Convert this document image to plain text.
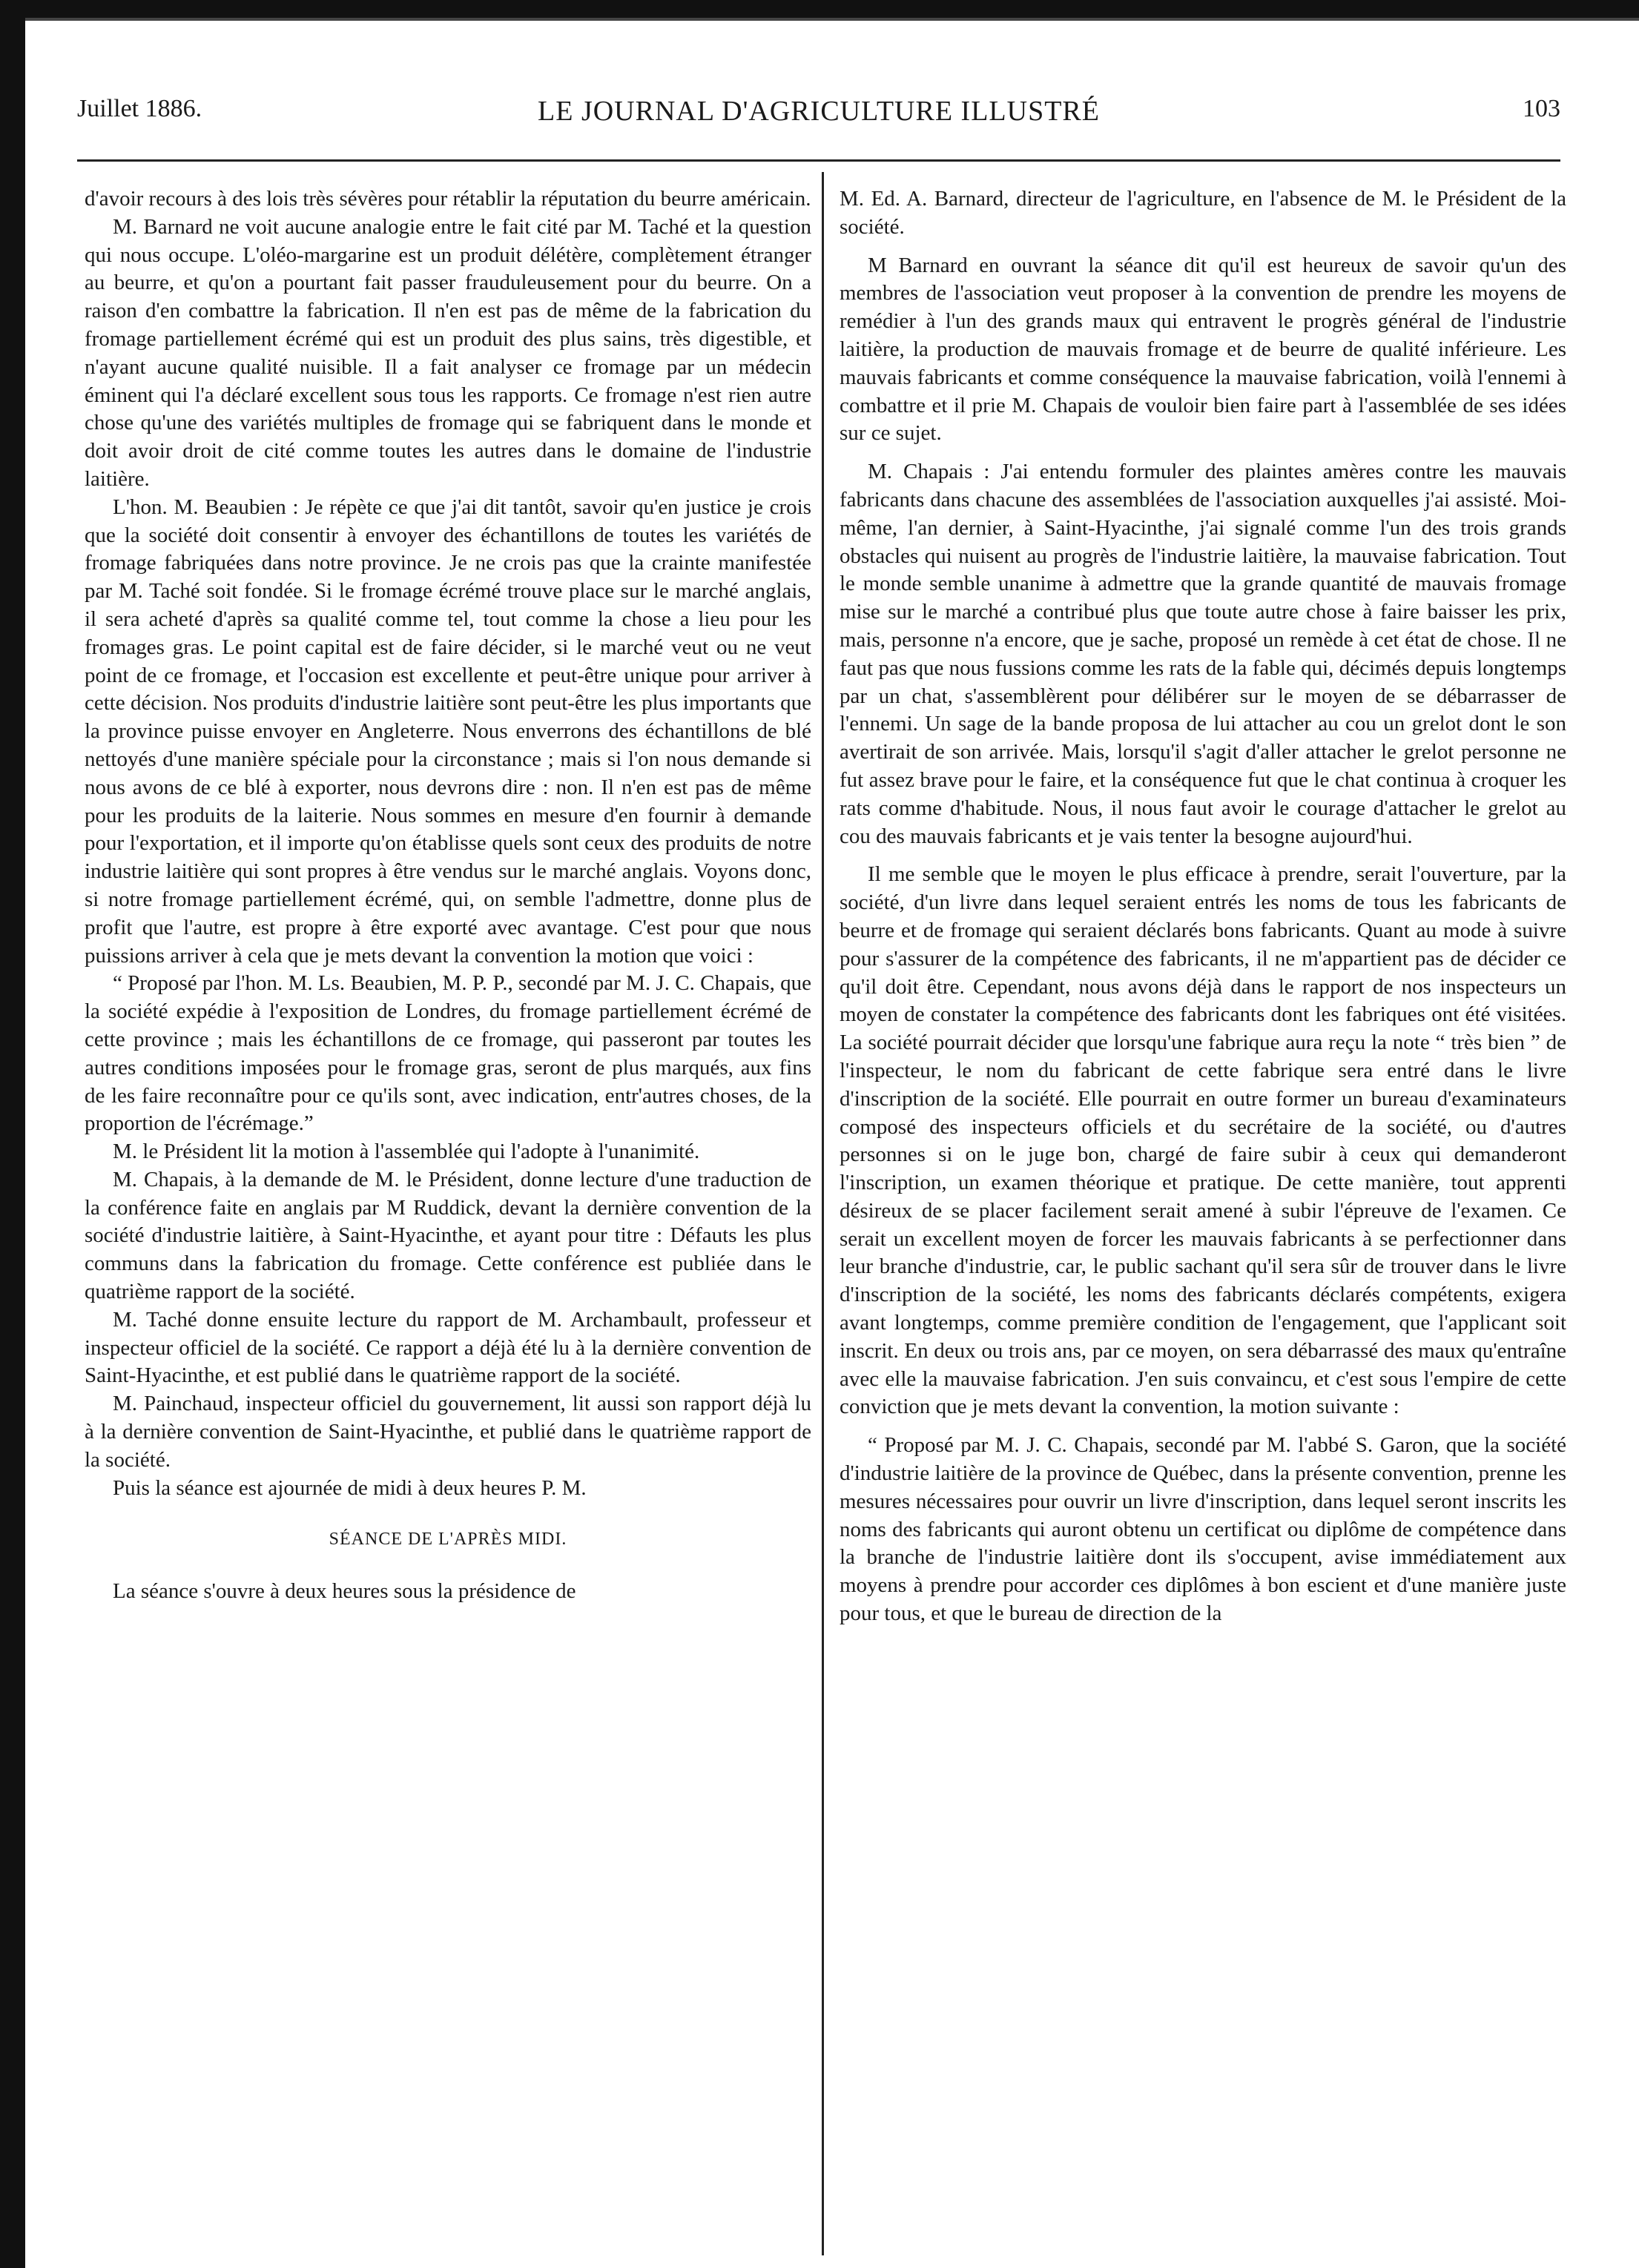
Juillet 1886.	LE JOURNAL D'AGRICULTURE ILLUSTRÉ	103

d'avoir recours à des lois très sévères pour rétablir la réputation du beurre américain.

M. Barnard ne voit aucune analogie entre le fait cité par M. Taché et la question qui nous occupe. L'oléo-margarine est un produit délétère, complètement étranger au beurre, et qu'on a pourtant fait passer frauduleusement pour du beurre. On a raison d'en combattre la fabrication. Il n'en est pas de même de la fabrication du fromage partiellement écrémé qui est un produit des plus sains, très digestible, et n'ayant aucune qualité nuisible. Il a fait analyser ce fromage par un médecin éminent qui l'a déclaré excellent sous tous les rapports. Ce fromage n'est rien autre chose qu'une des variétés multiples de fromage qui se fabriquent dans le monde et doit avoir droit de cité comme toutes les autres dans le domaine de l'industrie laitière.

L'hon. M. Beaubien : Je répète ce que j'ai dit tantôt, savoir qu'en justice je crois que la société doit consentir à envoyer des échantillons de toutes les variétés de fromage fabriquées dans notre province. Je ne crois pas que la crainte manifestée par M. Taché soit fondée. Si le fromage écrémé trouve place sur le marché anglais, il sera acheté d'après sa qualité comme tel, tout comme la chose a lieu pour les fromages gras. Le point capital est de faire décider, si le marché veut ou ne veut point de ce fromage, et l'occasion est excellente et peut-être unique pour arriver à cette décision. Nos produits d'industrie laitière sont peut-être les plus importants que la province puisse envoyer en Angleterre. Nous enverrons des échantillons de blé nettoyés d'une manière spéciale pour la circonstance ; mais si l'on nous demande si nous avons de ce blé à exporter, nous devrons dire : non. Il n'en est pas de même pour les produits de la laiterie. Nous sommes en mesure d'en fournir à demande pour l'exportation, et il importe qu'on établisse quels sont ceux des produits de notre industrie laitière qui sont propres à être vendus sur le marché anglais. Voyons donc, si notre fromage partiellement écrémé, qui, on semble l'admettre, donne plus de profit que l'autre, est propre à être exporté avec avantage. C'est pour que nous puissions arriver à cela que je mets devant la convention la motion que voici :

“ Proposé par l'hon. M. Ls. Beaubien, M. P. P., secondé par M. J. C. Chapais, que la société expédie à l'exposition de Londres, du fromage partiellement écrémé de cette province ; mais les échantillons de ce fromage, qui passeront par toutes les autres conditions imposées pour le fromage gras, seront de plus marqués, aux fins de les faire reconnaître pour ce qu'ils sont, avec indication, entr'autres choses, de la proportion de l'écrémage.”

M. le Président lit la motion à l'assemblée qui l'adopte à l'unanimité.

M. Chapais, à la demande de M. le Président, donne lecture d'une traduction de la conférence faite en anglais par M Ruddick, devant la dernière convention de la société d'industrie laitière, à Saint-Hyacinthe, et ayant pour titre : Défauts les plus communs dans la fabrication du fromage. Cette conférence est publiée dans le quatrième rapport de la société.

M. Taché donne ensuite lecture du rapport de M. Archambault, professeur et inspecteur officiel de la société. Ce rapport a déjà été lu à la dernière convention de Saint-Hyacinthe, et est publié dans le quatrième rapport de la société.

M. Painchaud, inspecteur officiel du gouvernement, lit aussi son rapport déjà lu à la dernière convention de Saint-Hyacinthe, et publié dans le quatrième rapport de la société.

Puis la séance est ajournée de midi à deux heures P. M.

SÉANCE DE L'APRÈS MIDI.

La séance s'ouvre à deux heures sous la présidence de

M. Ed. A. Barnard, directeur de l'agriculture, en l'absence de M. le Président de la société.

M Barnard en ouvrant la séance dit qu'il est heureux de savoir qu'un des membres de l'association veut proposer à la convention de prendre les moyens de remédier à l'un des grands maux qui entravent le progrès général de l'industrie laitière, la production de mauvais fromage et de beurre de qualité inférieure. Les mauvais fabricants et comme conséquence la mauvaise fabrication, voilà l'ennemi à combattre et il prie M. Chapais de vouloir bien faire part à l'assemblée de ses idées sur ce sujet.

M. Chapais : J'ai entendu formuler des plaintes amères contre les mauvais fabricants dans chacune des assemblées de l'association auxquelles j'ai assisté. Moi-même, l'an dernier, à Saint-Hyacinthe, j'ai signalé comme l'un des trois grands obstacles qui nuisent au progrès de l'industrie laitière, la mauvaise fabrication. Tout le monde semble unanime à admettre que la grande quantité de mauvais fromage mise sur le marché a contribué plus que toute autre chose à faire baisser les prix, mais, personne n'a encore, que je sache, proposé un remède à cet état de chose. Il ne faut pas que nous fussions comme les rats de la fable qui, décimés depuis longtemps par un chat, s'assemblèrent pour délibérer sur le moyen de se débarrasser de l'ennemi. Un sage de la bande proposa de lui attacher au cou un grelot dont le son avertirait de son arrivée. Mais, lorsqu'il s'agit d'aller attacher le grelot personne ne fut assez brave pour le faire, et la conséquence fut que le chat continua à croquer les rats comme d'habitude. Nous, il nous faut avoir le courage d'attacher le grelot au cou des mauvais fabricants et je vais tenter la besogne aujourd'hui.

Il me semble que le moyen le plus efficace à prendre, serait l'ouverture, par la société, d'un livre dans lequel seraient entrés les noms de tous les fabricants de beurre et de fromage qui seraient déclarés bons fabricants. Quant au mode à suivre pour s'assurer de la compétence des fabricants, il ne m'appartient pas de décider ce qu'il doit être. Cependant, nous avons déjà dans le rapport de nos inspecteurs un moyen de constater la compétence des fabricants dont les fabriques ont été visitées. La société pourrait décider que lorsqu'une fabrique aura reçu la note “ très bien ” de l'inspecteur, le nom du fabricant de cette fabrique sera entré dans le livre d'inscription de la société. Elle pourrait en outre former un bureau d'examinateurs composé des inspecteurs officiels et du secrétaire de la société, ou d'autres personnes si on le juge bon, chargé de faire subir à ceux qui demanderont l'inscription, un examen théorique et pratique. De cette manière, tout apprenti désireux de se placer facilement serait amené à subir l'épreuve de l'examen. Ce serait un excellent moyen de forcer les mauvais fabricants à se perfectionner dans leur branche d'industrie, car, le public sachant qu'il sera sûr de trouver dans le livre d'inscription de la société, les noms des fabricants déclarés compétents, exigera avant longtemps, comme première condition de l'engagement, que l'applicant soit inscrit. En deux ou trois ans, par ce moyen, on sera débarrassé des maux qu'entraîne avec elle la mauvaise fabrication. J'en suis convaincu, et c'est sous l'empire de cette conviction que je mets devant la convention, la motion suivante :

“ Proposé par M. J. C. Chapais, secondé par M. l'abbé S. Garon, que la société d'industrie laitière de la province de Québec, dans la présente convention, prenne les mesures nécessaires pour ouvrir un livre d'inscription, dans lequel seront inscrits les noms des fabricants qui auront obtenu un certificat ou diplôme de compétence dans la branche de l'industrie laitière dont ils s'occupent, avise immédiatement aux moyens à prendre pour accorder ces diplômes à bon escient et d'une manière juste pour tous, et que le bureau de direction de la
